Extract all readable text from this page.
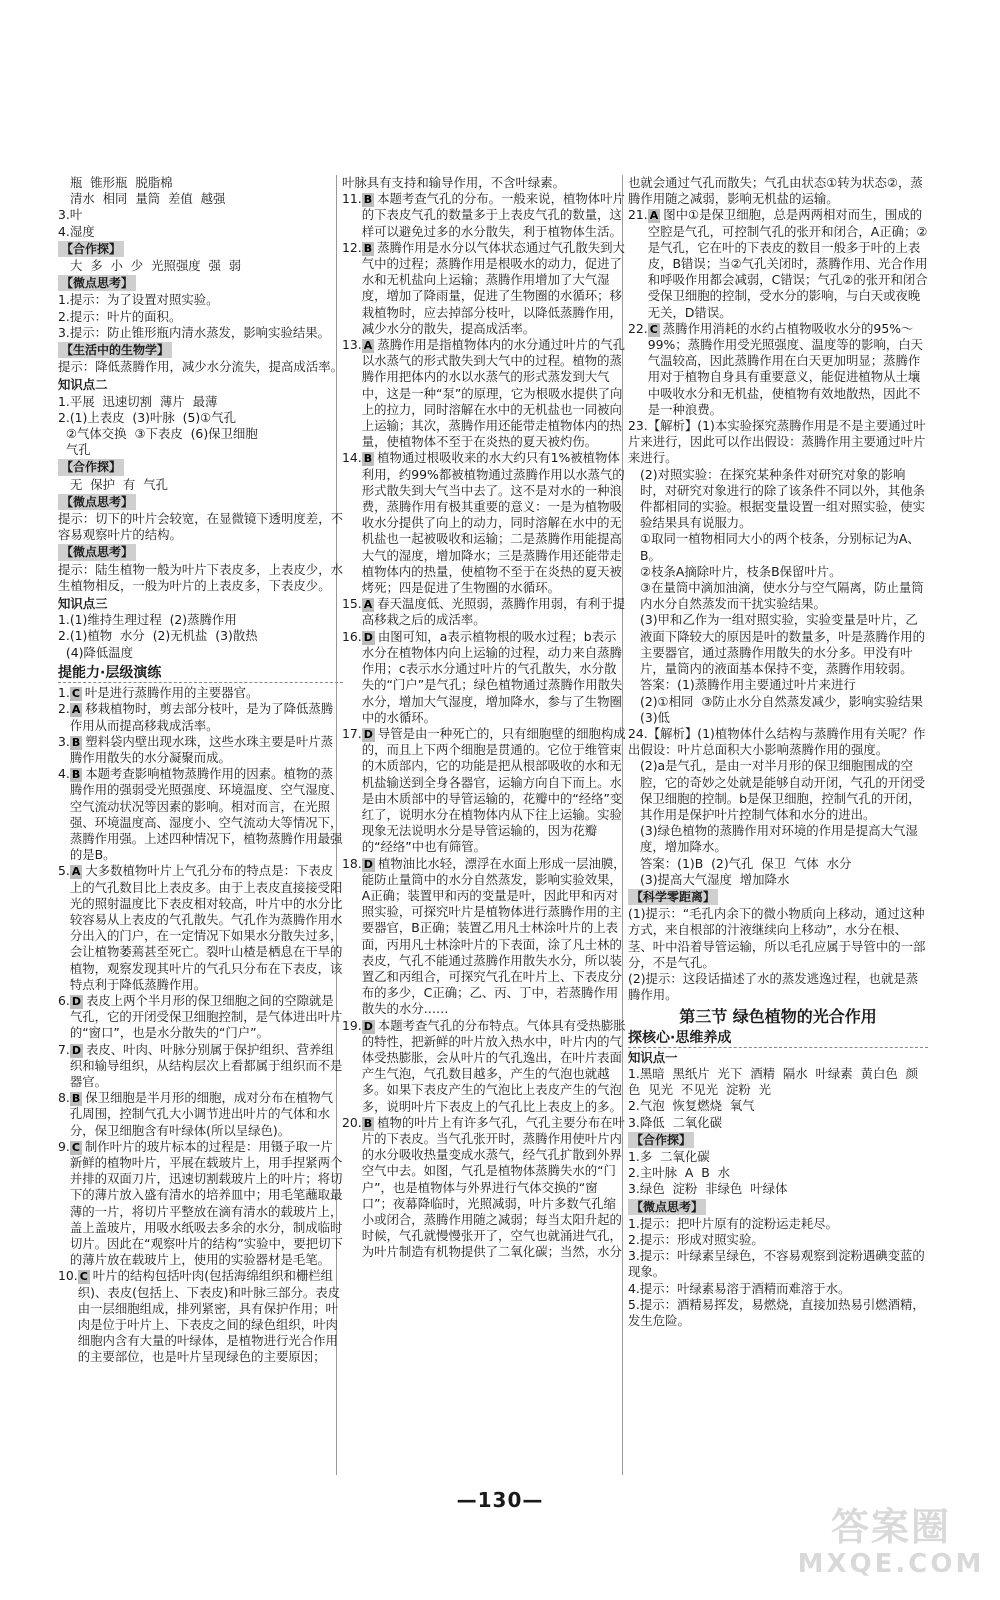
瓶  锥形瓶  脱脂棉

清水  相同  量筒  差值  越强

3.叶

4.湿度

【合作探】

大  多  小  少  光照强度  强  弱

【微点思考】

1.提示：为了设置对照实验。

2.提示：叶片的面积。

3.提示：防止锥形瓶内清水蒸发，影响实验结果。

【生活中的生物学】

提示：降低蒸腾作用，减少水分流失，提高成活率。

知识点二

1.平展  迅速切割  薄片  最薄

2.(1)上表皮  (3)叶脉  (5)①气孔

②气体交换  ③下表皮  (6)保卫细胞

气孔

【合作探】

无  保护  有  气孔

【微点思考】

提示：切下的叶片会较宽，在显微镜下透明度差，不容易观察叶片的结构。

【微点思考】

提示：陆生植物一般为叶片下表皮多，上表皮少，水生植物相反，一般为叶片的上表皮多，下表皮少。

知识点三

1.(1)维持生理过程  (2)蒸腾作用

2.(1)植物  水分  (2)无机盐  (3)散热

(4)降低温度

提能力·层级演练
1. C 叶是进行蒸腾作用的主要器官。
2. A 移栽植物时，剪去部分枝叶，是为了降低蒸腾作用从而提高移栽成活率。
3. B 塑料袋内壁出现水珠，这些水珠主要是叶片蒸腾作用散失的水分凝聚而成。
4. B 本题考查影响植物蒸腾作用的因素。植物的蒸腾作用的强弱受光照强度、环境温度、空气湿度、空气流动状况等因素的影响。相对而言，在光照强、环境温度高、湿度小、空气流动大等情况下，蒸腾作用强。上述四种情况下，植物蒸腾作用最强的是B。
5. A 大多数植物叶片上气孔分布的特点是：下表皮上的气孔数目比上表皮多。由于上表皮直接接受阳光的照射温度比下表皮相对较高，叶片中的水分比较容易从上表皮的气孔散失。气孔作为蒸腾作用水分出入的门户，在一定情况下如果水分散失过多，会让植物萎蔫甚至死亡。裂叶山楂是栖息在干旱的植物，观察发现其叶片的气孔只分布在下表皮，该特点利于降低蒸腾作用。
6. D 表皮上两个半月形的保卫细胞之间的空隙就是气孔，它的开闭受保卫细胞控制，是气体进出叶片的“窗口”，也是水分散失的“门户”。
7. D 表皮、叶肉、叶脉分别属于保护组织、营养组织和输导组织，从结构层次上看都属于组织而不是器官。
8. B 保卫细胞是半月形的细胞，成对分布在植物气孔周围，控制气孔大小调节进出叶片的气体和水分，保卫细胞含有叶绿体(所以呈绿色)。
9. C 制作叶片的玻片标本的过程是：用镊子取一片新鲜的植物叶片，平展在载玻片上，用手捏紧两个并排的双面刀片，迅速切割载玻片上的叶片；将切下的薄片放入盛有清水的培养皿中；用毛笔蘸取最薄的一片，将切片平整放在滴有清水的载玻片上，盖上盖玻片，用吸水纸吸去多余的水分，制成临时切片。因此在“观察叶片的结构”实验中，要把切下的薄片放在载玻片上，使用的实验器材是毛笔。
10. C 叶片的结构包括叶肉(包括海绵组织和栅栏组织)、表皮(包括上、下表皮)和叶脉三部分。表皮由一层细胞组成，排列紧密，具有保护作用；叶肉是位于叶片上、下表皮之间的绿色组织，叶肉细胞内含有大量的叶绿体，是植物进行光合作用的主要部位，也是叶片呈现绿色的主要原因；

叶脉具有支持和输导作用，不含叶绿素。

11. B 本题考查气孔的分布。一般来说，植物体叶片的下表皮气孔的数量多于上表皮气孔的数量，这样可以避免过多的水分散失，利于植物体生活。
12. B 蒸腾作用是水分以气体状态通过气孔散失到大气中的过程；蒸腾作用是根吸水的动力，促进了水和无机盐向上运输；蒸腾作用增加了大气湿度，增加了降雨量，促进了生物圈的水循环；移栽植物时，应去掉部分枝叶，以降低蒸腾作用，减少水分的散失，提高成活率。
13. A 蒸腾作用是指植物体内的水分通过叶片的气孔以水蒸气的形式散失到大气中的过程。植物的蒸腾作用把体内的水以水蒸气的形式蒸发到大气中，这是一种“泵”的原理，它为根吸水提供了向上的拉力，同时溶解在水中的无机盐也一同被向上运输；其次，蒸腾作用还能带走植物体内的热量，使植物体不至于在炎热的夏天被灼伤。
14. B 植物通过根吸收来的水大约只有1%被植物体利用，约99%都被植物通过蒸腾作用以水蒸气的形式散失到大气当中去了。这不是对水的一种浪费，蒸腾作用有极其重要的意义：一是为植物吸收水分提供了向上的动力，同时溶解在水中的无机盐也一起被吸收和运输；二是蒸腾作用能提高大气的湿度，增加降水；三是蒸腾作用还能带走植物体内的热量，使植物不至于在炎热的夏天被烤死；四是促进了生物圈的水循环。
15. A 春天温度低、光照弱，蒸腾作用弱，有利于提高移栽之后的成活率。
16. D 由图可知，a表示植物根的吸水过程；b表示水分在植物体内向上运输的过程，动力来自蒸腾作用；c表示水分通过叶片的气孔散失，水分散失的“门户”是气孔；绿色植物通过蒸腾作用散失水分，增加大气湿度，增加降水，参与了生物圈中的水循环。
17. D 导管是由一种死亡的，只有细胞壁的细胞构成的，而且上下两个细胞是贯通的。它位于维管束的木质部内，它的功能是把从根部吸收的水和无机盐输送到全身各器官，运输方向自下而上。水是由木质部中的导管运输的，花瓣中的“经络”变红了，说明水分在植物体内从下往上运输。实验现象无法说明水分是导管运输的，因为花瓣的“经络”中也有筛管。
18. D 植物油比水轻，漂浮在水面上形成一层油膜，能防止量筒中的水分自然蒸发，影响实验效果，A正确；装置甲和丙的变量是叶，因此甲和丙对照实验，可探究叶片是植物体进行蒸腾作用的主要器官，B正确；装置乙用凡士林涂叶片的上表面，丙用凡士林涂叶片的下表面，涂了凡士林的表皮，气孔不能通过蒸腾作用散失水分，所以装置乙和丙组合，可探究气孔在叶片上、下表皮分布的多少，C正确；乙、丙、丁中，若蒸腾作用散失的水分……
19. D 本题考查气孔的分布特点。气体具有受热膨胀的特性，把新鲜的叶片放入热水中，叶片内的气体受热膨胀，会从叶片的气孔逸出，在叶片表面产生气泡，气孔数目越多，产生的气泡也就越多。如果下表皮产生的气泡比上表皮产生的气泡多，说明叶片下表皮上的气孔比上表皮上的多。
20. B 植物的叶片上有许多气孔，气孔主要分布在叶片的下表皮。当气孔张开时，蒸腾作用使叶片内的水分吸收热量变成水蒸气，经气孔扩散到外界空气中去。如图，气孔是植物体蒸腾失水的“门户”，也是植物体与外界进行气体交换的“窗口”；夜幕降临时，光照减弱，叶片多数气孔缩小或闭合，蒸腾作用随之减弱；每当太阳升起的时候，气孔就慢慢张开了，空气也就涌进气孔，为叶片制造有机物提供了二氧化碳；当然，水分

也就会通过气孔而散失；气孔由状态①转为状态②，蒸腾作用随之减弱，影响无机盐的运输。

21. A 图中①是保卫细胞，总是两两相对而生，围成的空腔是气孔，可控制气孔的张开和闭合，A正确；②是气孔，它在叶的下表皮的数目一般多于叶的上表皮，B错误；当②气孔关闭时，蒸腾作用、光合作用和呼吸作用都会减弱，C错误；气孔②的张开和闭合受保卫细胞的控制，受水分的影响，与白天或夜晚无关，D错误。
22. C 蒸腾作用消耗的水约占植物吸收水分的95%～99%；蒸腾作用受光照强度、温度等的影响，白天气温较高，因此蒸腾作用在白天更加明显；蒸腾作用对于植物自身具有重要意义，能促进植物从土壤中吸收水分和无机盐，使植物有效地散热，因此不是一种浪费。

23.【解析】(1)本实验探究蒸腾作用是不是主要通过叶片来进行，因此可以作出假设：蒸腾作用主要通过叶片来进行。

(2)对照实验：在探究某种条件对研究对象的影响时，对研究对象进行的除了该条件不同以外，其他条件都相同的实验。根据变量设置一组对照实验，使实验结果具有说服力。

①取同一植物相同大小的两个枝条，分别标记为A、B。

②枝条A摘除叶片，枝条B保留叶片。

③在量筒中滴加油滴，使水分与空气隔离，防止量筒内水分自然蒸发而干扰实验结果。

(3)甲和乙作为一组对照实验，实验变量是叶片，乙液面下降较大的原因是叶的数量多，叶是蒸腾作用的主要器官，通过蒸腾作用散失的水分多。甲没有叶片，量筒内的液面基本保持不变，蒸腾作用较弱。

答案：(1)蒸腾作用主要通过叶片来进行

(2)①相同  ③防止水分自然蒸发减少，影响实验结果

(3)低

24.【解析】(1)植物体什么结构与蒸腾作用有关呢？作出假设：叶片总面积大小影响蒸腾作用的强度。

(2)a是气孔，是由一对半月形的保卫细胞围成的空腔，它的奇妙之处就是能够自动开闭，气孔的开闭受保卫细胞的控制。b是保卫细胞，控制气孔的开闭，其作用是保护叶片控制气体和水分的进出。

(3)绿色植物的蒸腾作用对环境的作用是提高大气湿度，增加降水。

答案：(1)B  (2)气孔  保卫  气体  水分

(3)提高大气湿度  增加降水

【科学零距离】

(1)提示：“毛孔内余下的微小物质向上移动，通过这种方式，来自根部的汁液继续向上移动”，水分在根、茎、叶中沿着导管运输，所以毛孔应属于导管中的一部分，不是气孔。

(2)提示：这段话描述了水的蒸发逃逸过程，也就是蒸腾作用。

第三节 绿色植物的光合作用
探核心·思维养成

知识点一

1.黑暗  黑纸片  光下  酒精  隔水  叶绿素  黄白色  颜色  见光  不见光  淀粉  光

2.气泡  恢复燃烧  氧气

3.降低  二氧化碳

【合作探】

1.多  二氧化碳

2.主叶脉  A  B  水

3.绿色  淀粉  非绿色  叶绿体

【微点思考】

1.提示：把叶片原有的淀粉运走耗尽。

2.提示：形成对照实验。

3.提示：叶绿素呈绿色，不容易观察到淀粉遇碘变蓝的现象。

4.提示：叶绿素易溶于酒精而难溶于水。

5.提示：酒精易挥发，易燃烧，直接加热易引燃酒精，发生危险。

—130—
答案圈
MXQE.COM
